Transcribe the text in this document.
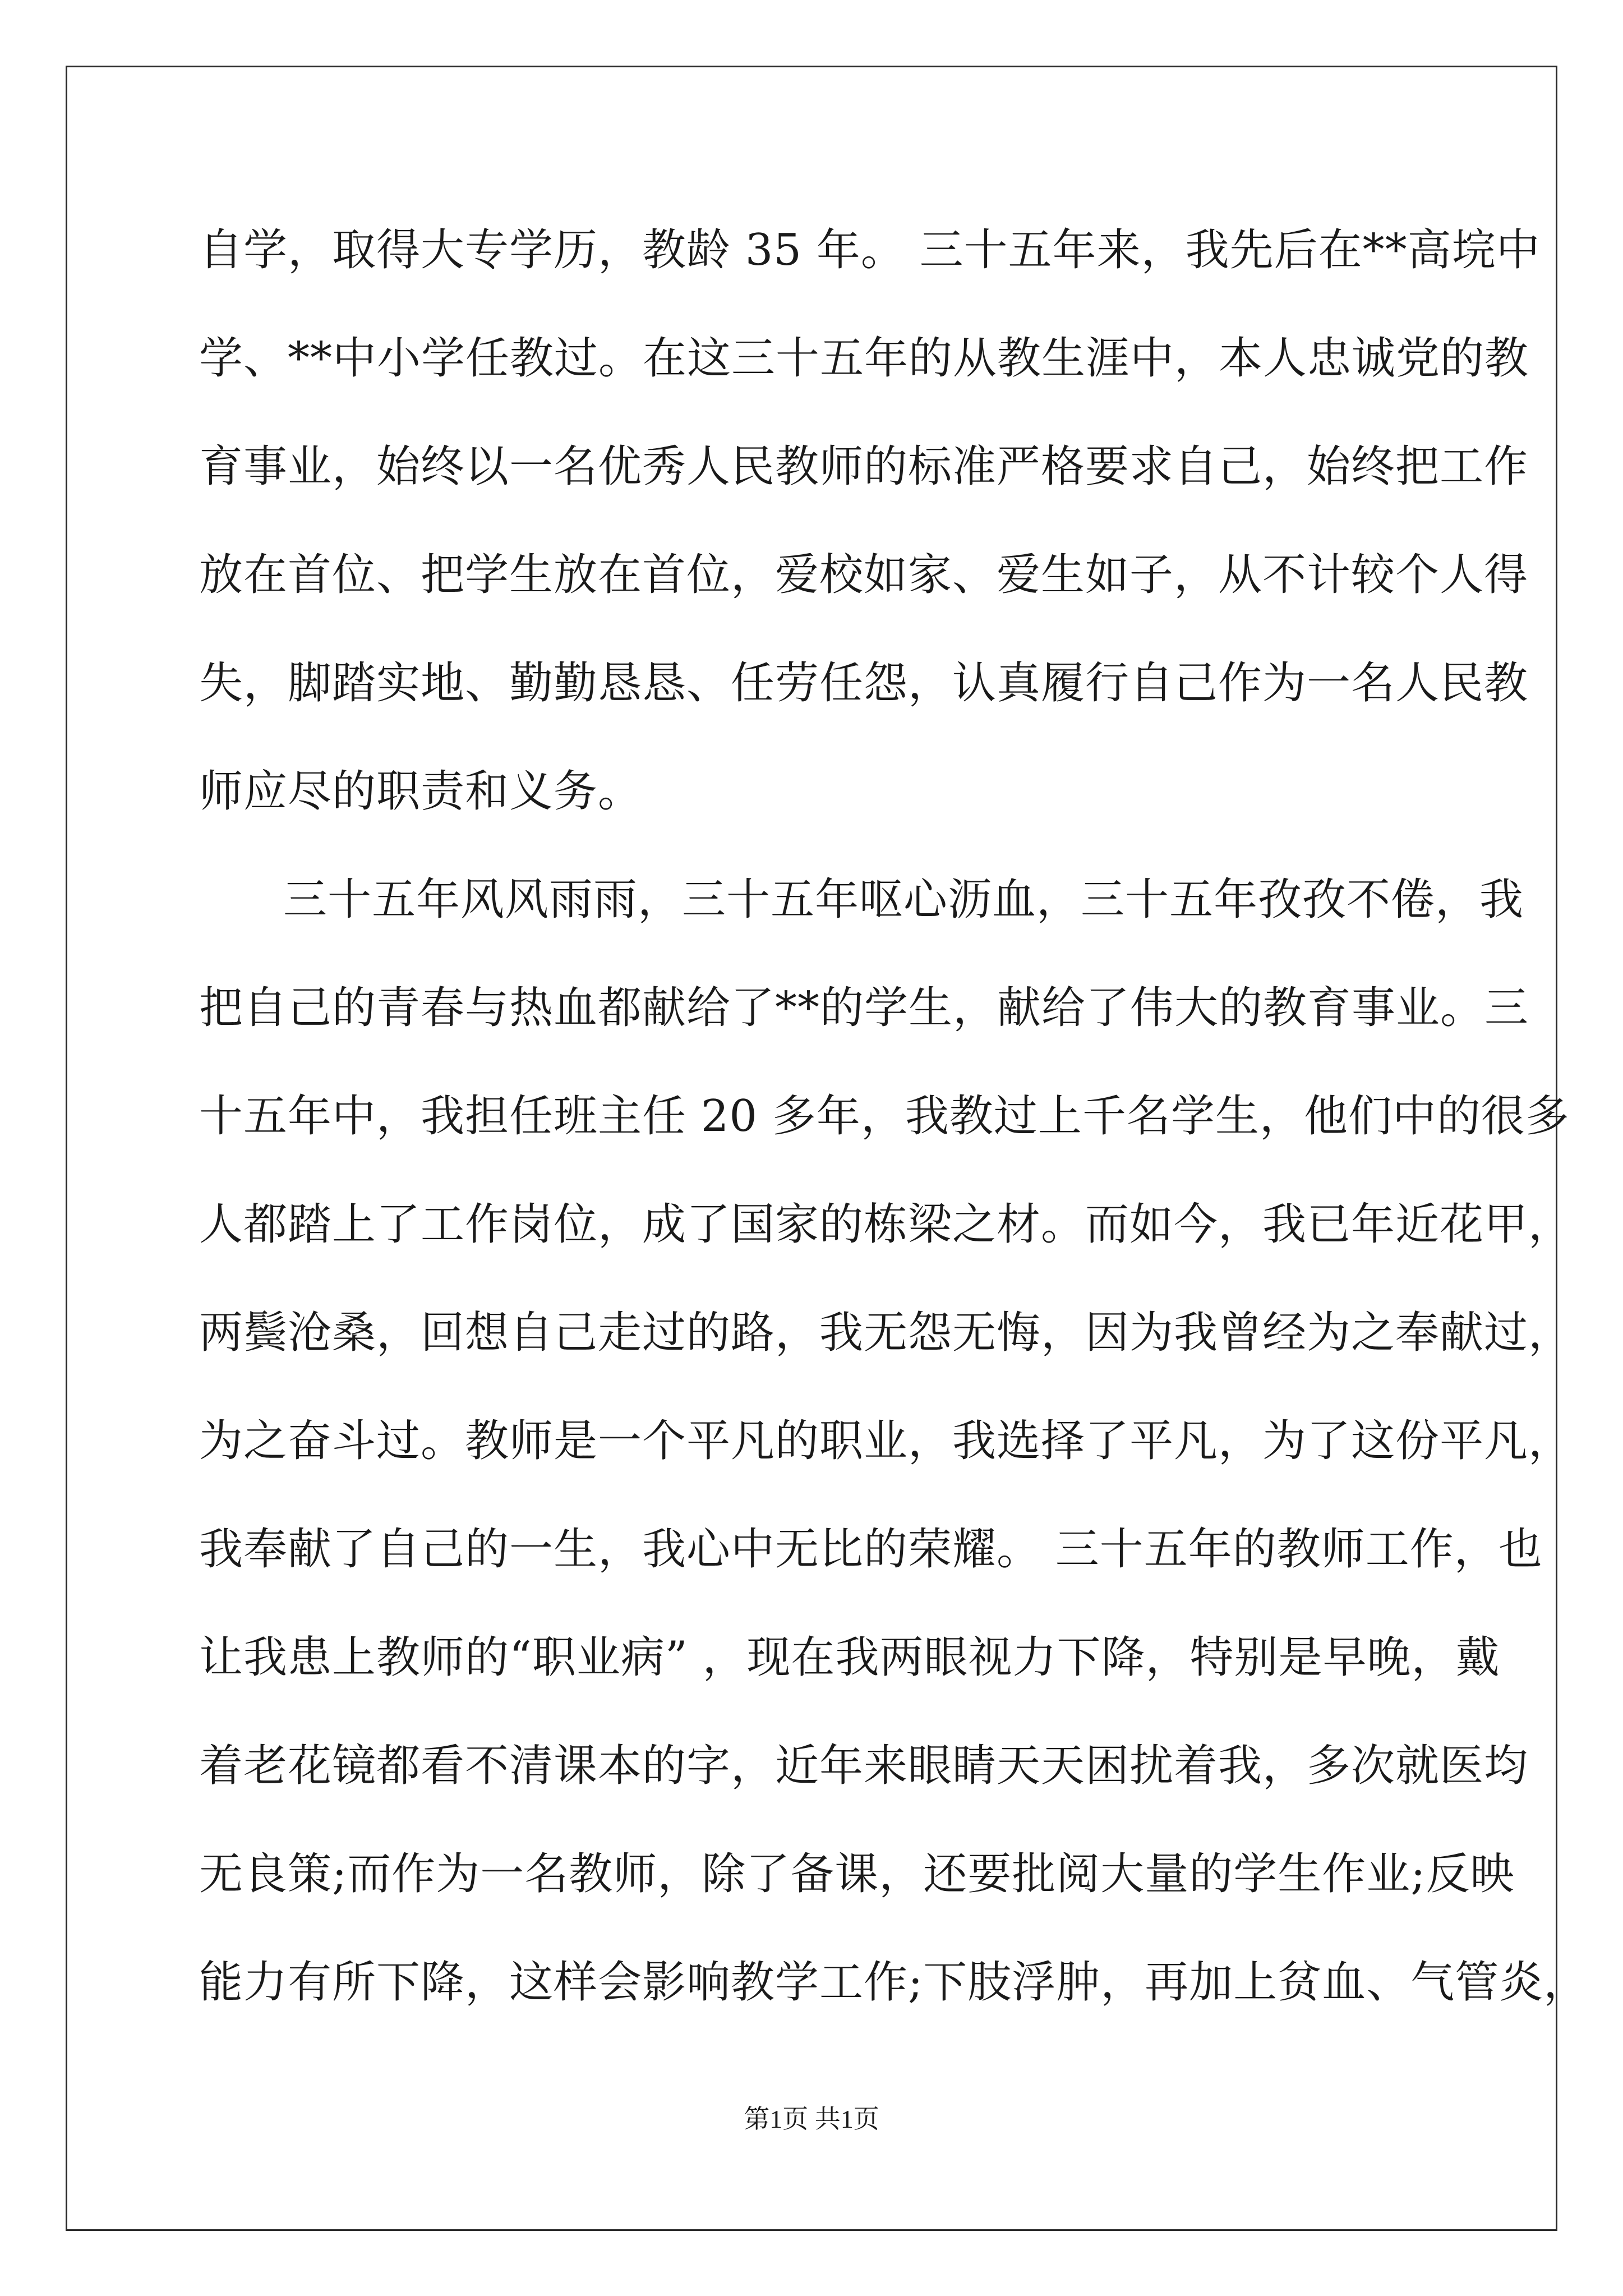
自学，取得大专学历，教龄 35 年。 三十五年来，我先后在**高垸中
学、**中小学任教过。在这三十五年的从教生涯中，本人忠诚党的教
育事业，始终以一名优秀人民教师的标准严格要求自己，始终把工作
放在首位、把学生放在首位，爱校如家、爱生如子，从不计较个人得
失，脚踏实地、勤勤恳恳、任劳任怨，认真履行自己作为一名人民教
师应尽的职责和义务。
三十五年风风雨雨，三十五年呕心沥血，三十五年孜孜不倦，我
把自己的青春与热血都献给了**的学生，献给了伟大的教育事业。三
十五年中，我担任班主任 20 多年，我教过上千名学生，他们中的很多
人都踏上了工作岗位，成了国家的栋梁之材。而如今，我已年近花甲，
两鬓沧桑，回想自己走过的路，我无怨无悔，因为我曾经为之奉献过，
为之奋斗过。教师是一个平凡的职业，我选择了平凡，为了这份平凡，
我奉献了自己的一生，我心中无比的荣耀。 三十五年的教师工作，也
让我患上教师的“职业病” ，现在我两眼视力下降，特别是早晚，戴
着老花镜都看不清课本的字，近年来眼睛天天困扰着我，多次就医均
无良策;而作为一名教师，除了备课，还要批阅大量的学生作业;反映
能力有所下降，这样会影响教学工作;下肢浮肿，再加上贫血、气管炎，
第1页 共1页
